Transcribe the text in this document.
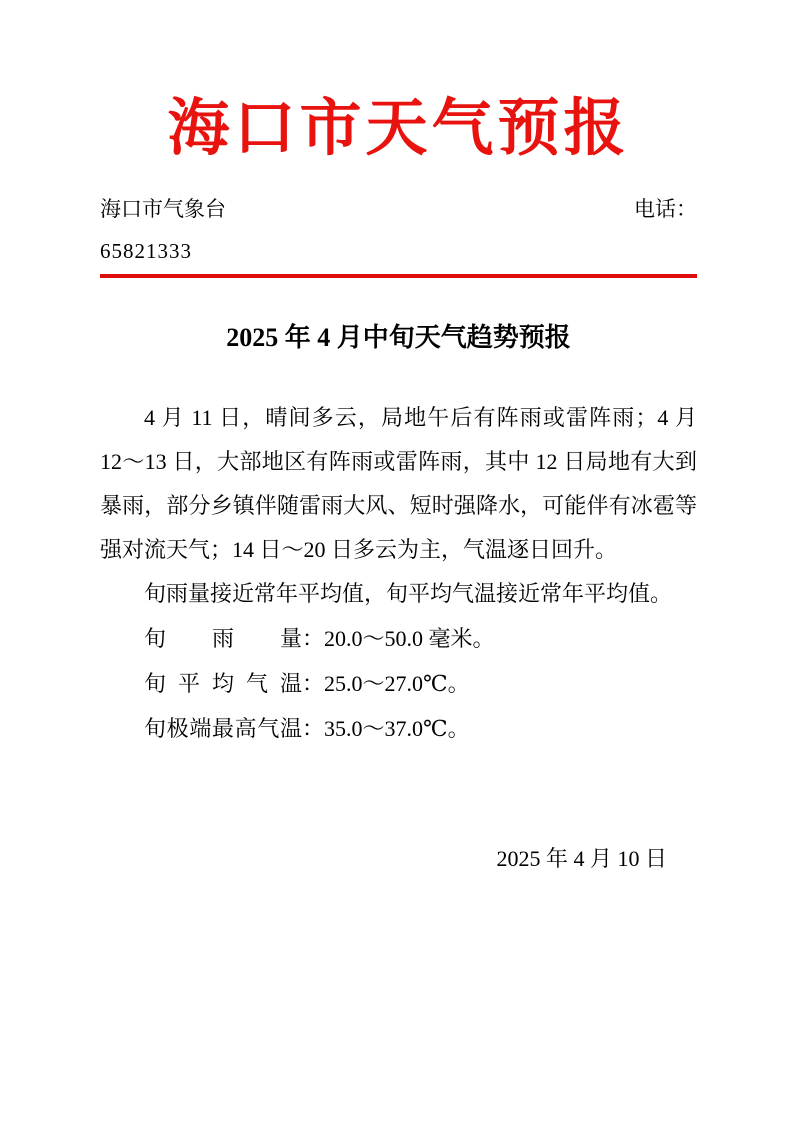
海口市天气预报
海口市气象台	电话：
65821333
2025 年 4 月中旬天气趋势预报

4 月 11 日，晴间多云，局地午后有阵雨或雷阵雨；4 月 12～13 日，大部地区有阵雨或雷阵雨，其中 12 日局地有大到暴雨，部分乡镇伴随雷雨大风、短时强降水，可能伴有冰雹等强对流天气；14 日～20 日多云为主，气温逐日回升。

旬雨量接近常年平均值，旬平均气温接近常年平均值。

旬雨量：20.0～50.0 毫米。
旬平均气温：25.0～27.0℃。
旬极端最高气温：35.0～37.0℃。
2025 年 4 月 10 日
